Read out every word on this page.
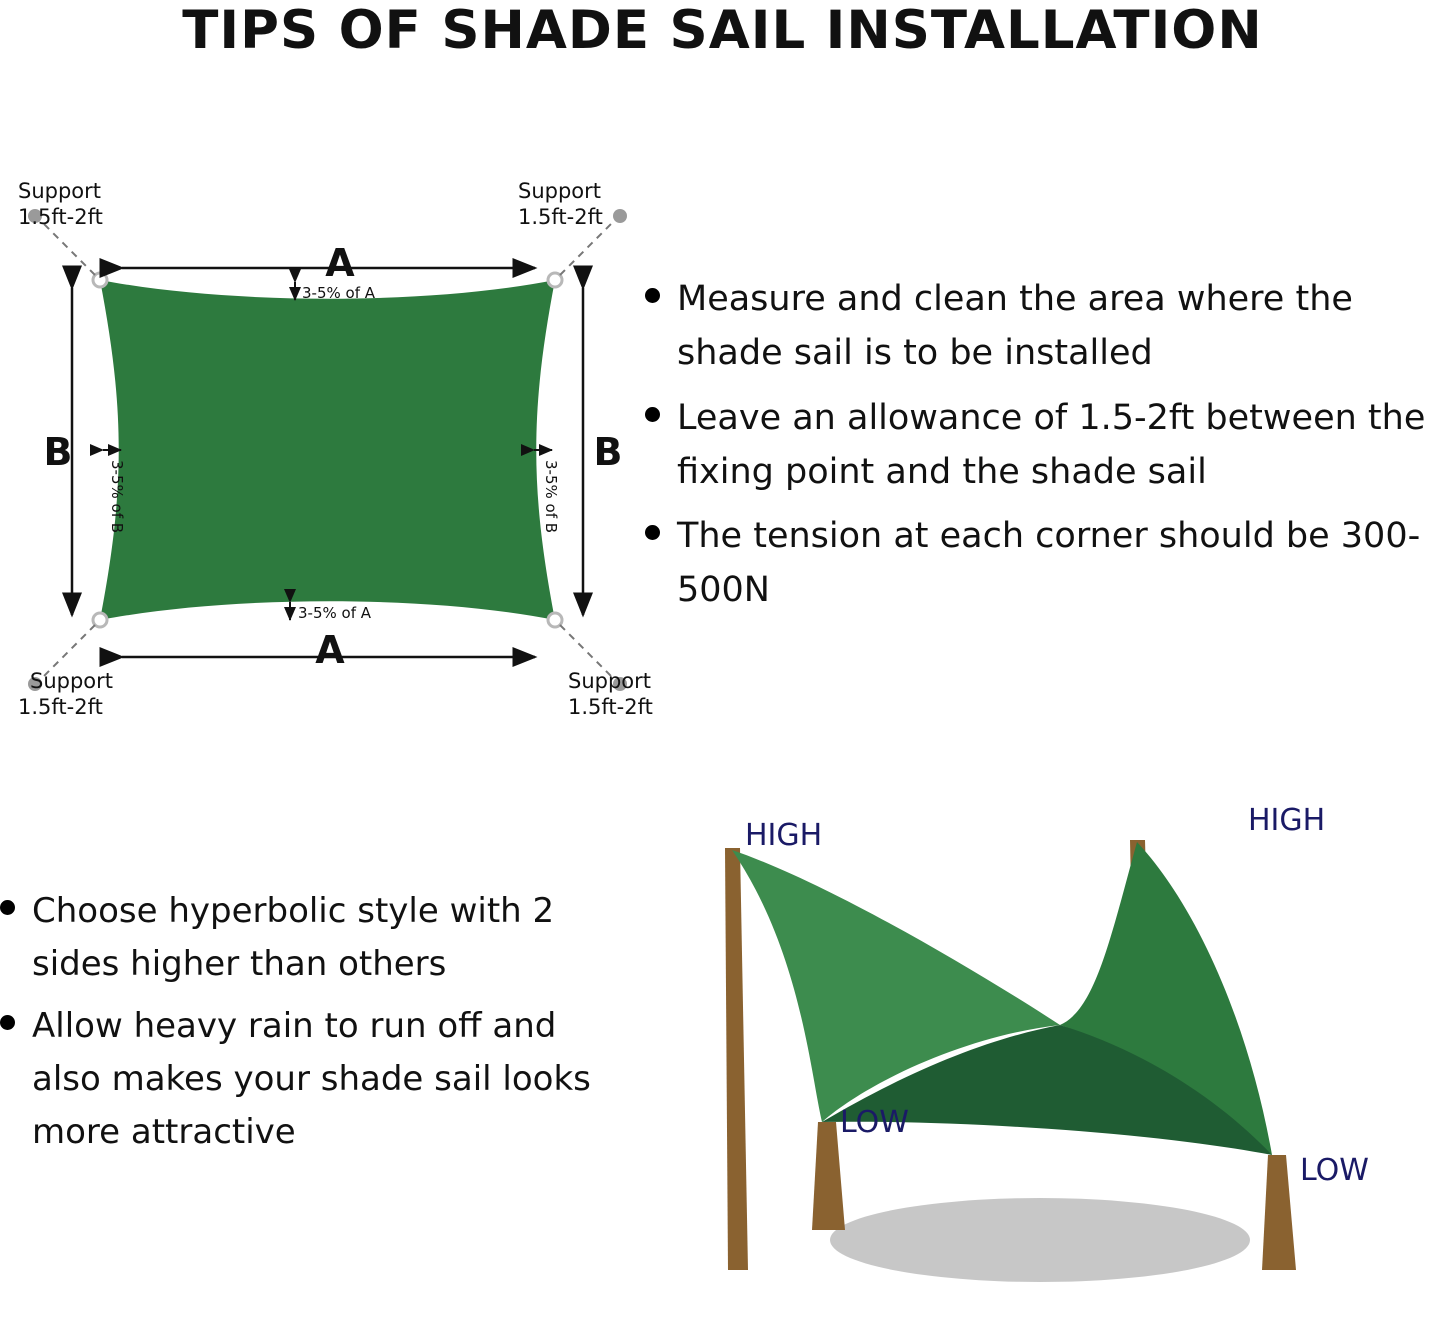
TIPS OF SHADE SAIL INSTALLATION
A
A
B	B
3-5% of A
3-5% of A
3-5% of B	3-5% of B
Support
1.5ft-2ft
Support
1.5ft-2ft
Support
1.5ft-2ft
Support
1.5ft-2ft
Measure and clean the area where the shade sail is to be installed
Leave an allowance of 1.5-2ft between the fixing point and the shade sail
The tension at each corner should be 300-500N
Choose hyperbolic style with 2 sides higher than others
Allow heavy rain to run off and also makes your shade sail looks more attractive
HIGH	HIGH
LOW
LOW
